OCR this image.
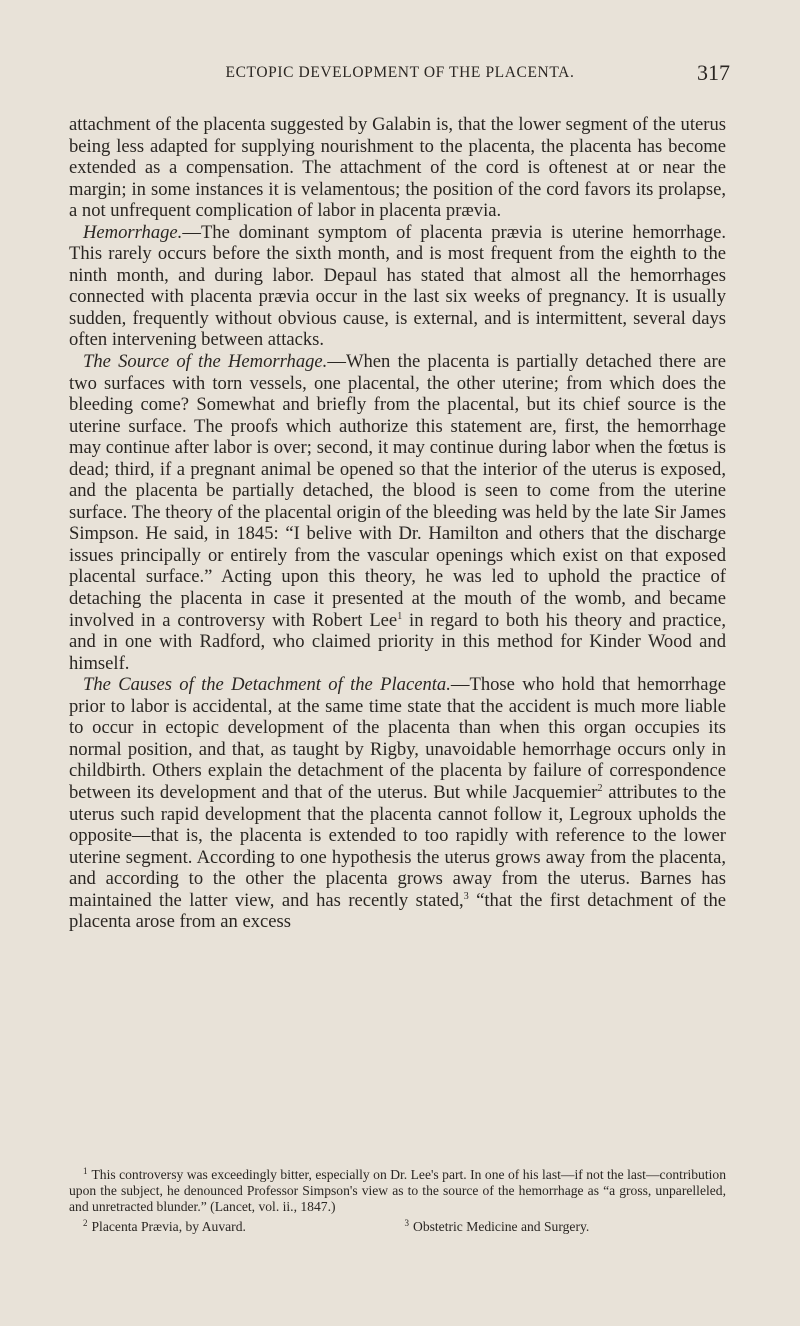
ECTOPIC DEVELOPMENT OF THE PLACENTA.	317

attachment of the placenta suggested by Galabin is, that the lower segment of the uterus being less adapted for supplying nourishment to the placenta, the placenta has become extended as a compensation. The attachment of the cord is oftenest at or near the margin; in some instances it is velamentous; the position of the cord favors its prolapse, a not unfrequent complication of labor in placenta prævia.

Hemorrhage.—The dominant symptom of placenta prævia is uterine hemorrhage. This rarely occurs before the sixth month, and is most frequent from the eighth to the ninth month, and during labor. Depaul has stated that almost all the hemorrhages connected with placenta prævia occur in the last six weeks of pregnancy. It is usually sudden, frequently without obvious cause, is external, and is intermittent, several days often intervening between attacks.

The Source of the Hemorrhage.—When the placenta is partially detached there are two surfaces with torn vessels, one placental, the other uterine; from which does the bleeding come? Somewhat and briefly from the placental, but its chief source is the uterine surface. The proofs which authorize this statement are, first, the hemorrhage may continue after labor is over; second, it may continue during labor when the fœtus is dead; third, if a pregnant animal be opened so that the interior of the uterus is exposed, and the placenta be partially detached, the blood is seen to come from the uterine surface. The theory of the placental origin of the bleeding was held by the late Sir James Simpson. He said, in 1845: “I belive with Dr. Hamilton and others that the discharge issues principally or entirely from the vascular openings which exist on that exposed placental surface.” Acting upon this theory, he was led to uphold the practice of detaching the placenta in case it presented at the mouth of the womb, and became involved in a controversy with Robert Lee$^1$ in regard to both his theory and practice, and in one with Radford, who claimed priority in this method for Kinder Wood and himself.

The Causes of the Detachment of the Placenta.—Those who hold that hemorrhage prior to labor is accidental, at the same time state that the accident is much more liable to occur in ectopic development of the placenta than when this organ occupies its normal position, and that, as taught by Rigby, unavoidable hemorrhage occurs only in childbirth. Others explain the detachment of the placenta by failure of correspondence between its development and that of the uterus. But while Jacquemier$^2$ attributes to the uterus such rapid development that the placenta cannot follow it, Legroux upholds the opposite—that is, the placenta is extended to too rapidly with reference to the lower uterine segment. According to one hypothesis the uterus grows away from the placenta, and according to the other the placenta grows away from the uterus. Barnes has maintained the latter view, and has recently stated,$^3$ “that the first detachment of the placenta arose from an excess

$^1$ This controversy was exceedingly bitter, especially on Dr. Lee's part. In one of his last—if not the last—contribution upon the subject, he denounced Professor Simpson's view as to the source of the hemorrhage as “a gross, unparelleled, and unretracted blunder.” (Lancet, vol. ii., 1847.)

$^2$ Placenta Prævia, by Auvard.	$^3$ Obstetric Medicine and Surgery.
